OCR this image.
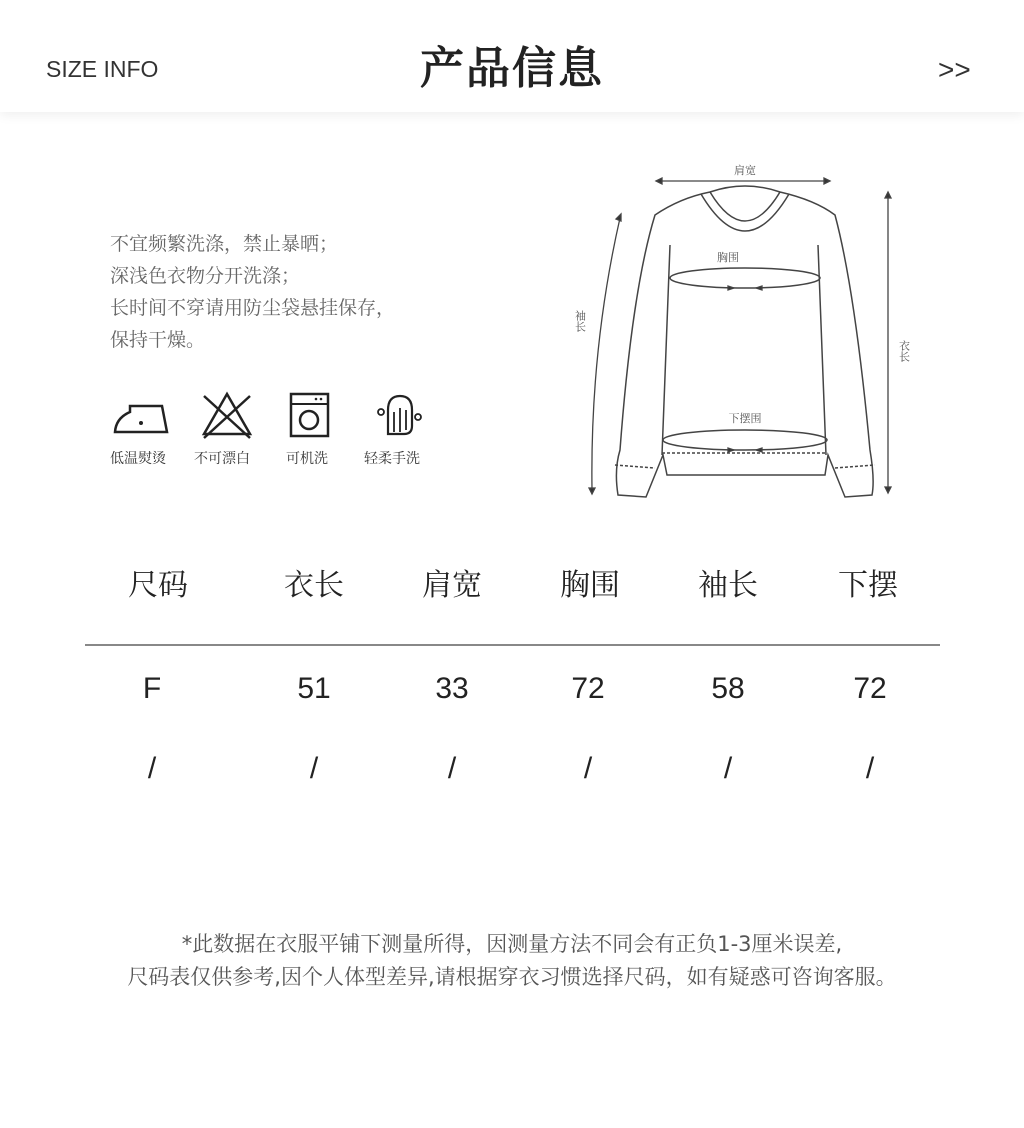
SIZE INFO	产品信息	>>
不宜频繁洗涤，禁止暴晒；
深浅色衣物分开洗涤；
长时间不穿请用防尘袋悬挂保存，
保持干燥。
低温熨烫 不可漂白	可机洗	轻柔手洗
肩宽
胸围
下摆围
衣长
袖长
尺码	衣长	肩宽	胸围	袖长	下摆
F	51	33	72	58	72
/	/	/	/	/	/
*此数据在衣服平铺下测量所得，因测量方法不同会有正负1-3厘米误差,
尺码表仅供参考,因个人体型差异,请根据穿衣习惯选择尺码，如有疑惑可咨询客服。
